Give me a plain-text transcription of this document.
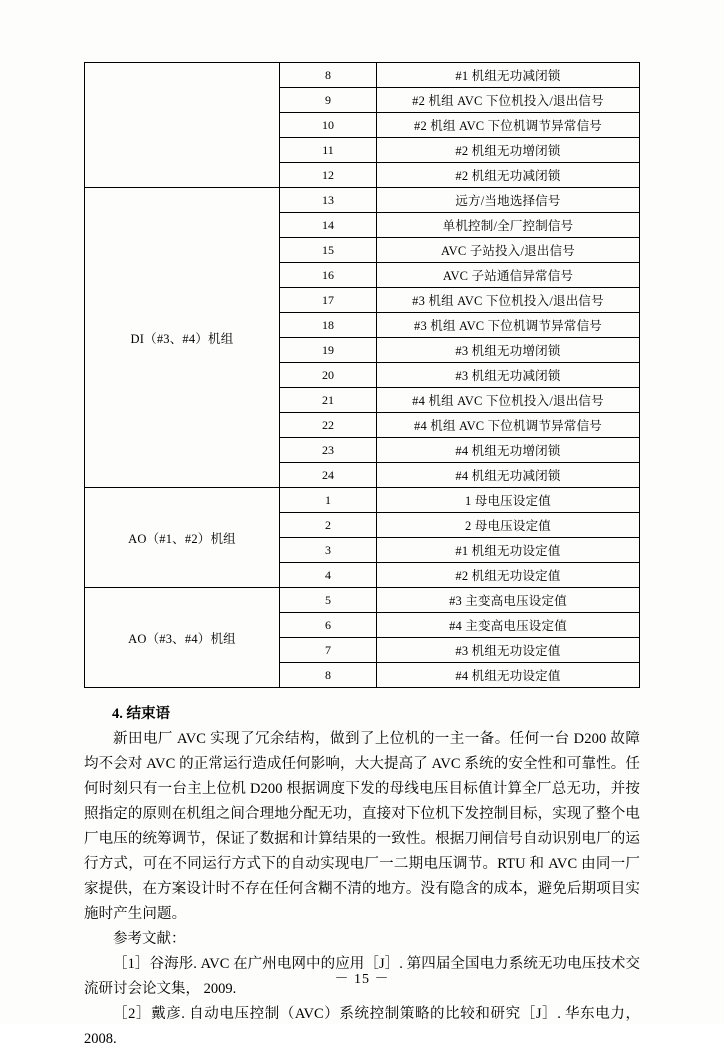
	8	#1 机组无功减闭锁
	9	#2 机组 AVC 下位机投入/退出信号
	10	#2 机组 AVC 下位机调节异常信号
	11	#2 机组无功增闭锁
	12	#2 机组无功减闭锁
DI（#3、#4）机组	13	远方/当地选择信号
	14	单机控制/全厂控制信号
	15	AVC 子站投入/退出信号
	16	AVC 子站通信异常信号
	17	#3 机组 AVC 下位机投入/退出信号
	18	#3 机组 AVC 下位机调节异常信号
	19	#3 机组无功增闭锁
	20	#3 机组无功减闭锁
	21	#4 机组 AVC 下位机投入/退出信号
	22	#4 机组 AVC 下位机调节异常信号
	23	#4 机组无功增闭锁
	24	#4 机组无功减闭锁
AO（#1、#2）机组	1	1 母电压设定值
	2	2 母电压设定值
	3	#1 机组无功设定值
	4	#2 机组无功设定值
AO（#3、#4）机组	5	#3 主变高电压设定值
	6	#4 主变高电压设定值
	7	#3 机组无功设定值
	8	#4 机组无功设定值
4. 结束语

新田电厂 AVC 实现了冗余结构，做到了上位机的一主一备。任何一台 D200 故障均不会对 AVC 的正常运行造成任何影响，大大提高了 AVC 系统的安全性和可靠性。任何时刻只有一台主上位机 D200 根据调度下发的母线电压目标值计算全厂总无功，并按照指定的原则在机组之间合理地分配无功，直接对下位机下发控制目标，实现了整个电厂电压的统筹调节，保证了数据和计算结果的一致性。根据刀闸信号自动识别电厂的运行方式，可在不同运行方式下的自动实现电厂一二期电压调节。RTU 和 AVC 由同一厂家提供，在方案设计时不存在任何含糊不清的地方。没有隐含的成本，避免后期项目实施时产生问题。

参考文献：

［1］谷海彤. AVC 在广州电网中的应用［J］. 第四届全国电力系统无功电压技术交流研讨会论文集， 2009.

［2］戴彦. 自动电压控制（AVC）系统控制策略的比较和研究［J］. 华东电力，2008.

－ 15 －
